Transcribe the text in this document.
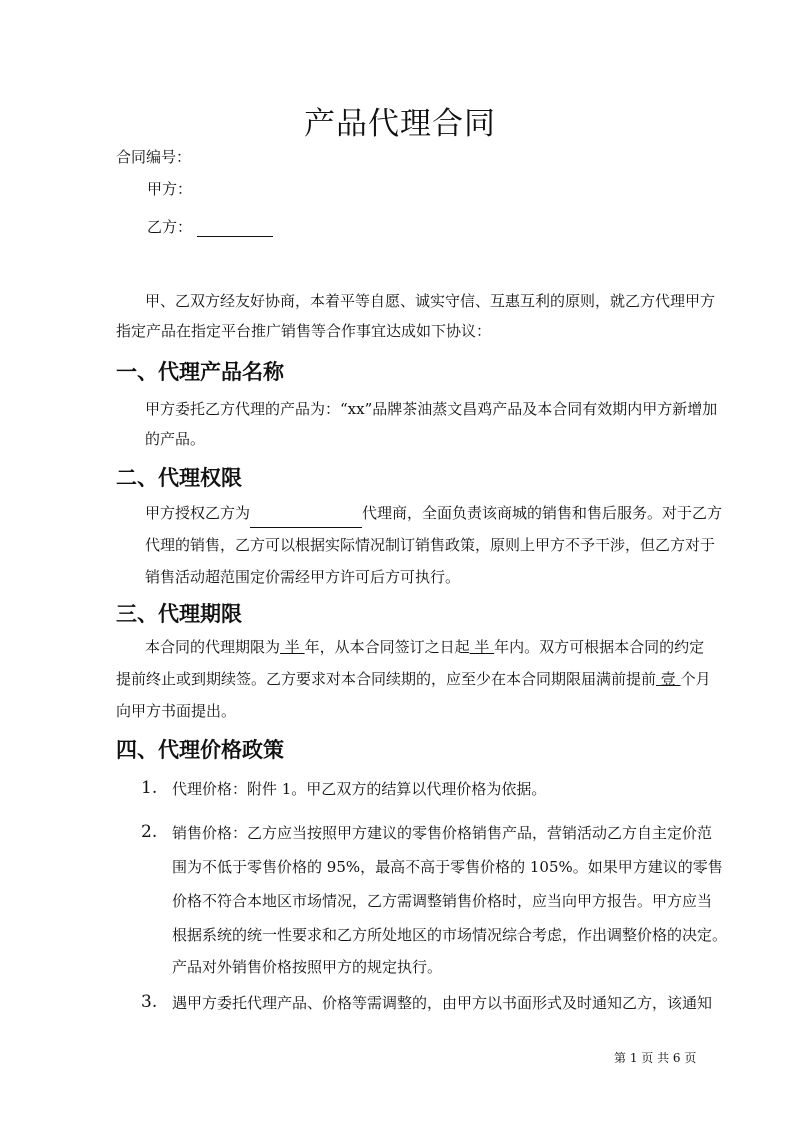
产品代理合同
合同编号：
甲方：
乙方：
甲、乙双方经友好协商，本着平等自愿、诚实守信、互惠互利的原则，就乙方代理甲方
指定产品在指定平台推广销售等合作事宜达成如下协议：
一、代理产品名称
甲方委托乙方代理的产品为：“xx”品牌茶油蒸文昌鸡产品及本合同有效期内甲方新增加
的产品。
二、代理权限
甲方授权乙方为	代理商，全面负责该商城的销售和售后服务。对于乙方
代理的销售，乙方可以根据实际情况制订销售政策，原则上甲方不予干涉，但乙方对于
销售活动超范围定价需经甲方许可后方可执行。
三、代理期限
本合同的代理期限为 半 年，从本合同签订之日起 半 年内。双方可根据本合同的约定
提前终止或到期续签。乙方要求对本合同续期的，应至少在本合同期限届满前提前 壹 个月
向甲方书面提出。
四、代理价格政策
1. 代理价格：附件 1。甲乙双方的结算以代理价格为依据。
2. 销售价格：乙方应当按照甲方建议的零售价格销售产品，营销活动乙方自主定价范
围为不低于零售价格的 95%，最高不高于零售价格的 105%。如果甲方建议的零售
价格不符合本地区市场情况，乙方需调整销售价格时，应当向甲方报告。甲方应当
根据系统的统一性要求和乙方所处地区的市场情况综合考虑，作出调整价格的决定。
产品对外销售价格按照甲方的规定执行。
3. 遇甲方委托代理产品、价格等需调整的，由甲方以书面形式及时通知乙方，该通知
第 1 页 共 6 页
